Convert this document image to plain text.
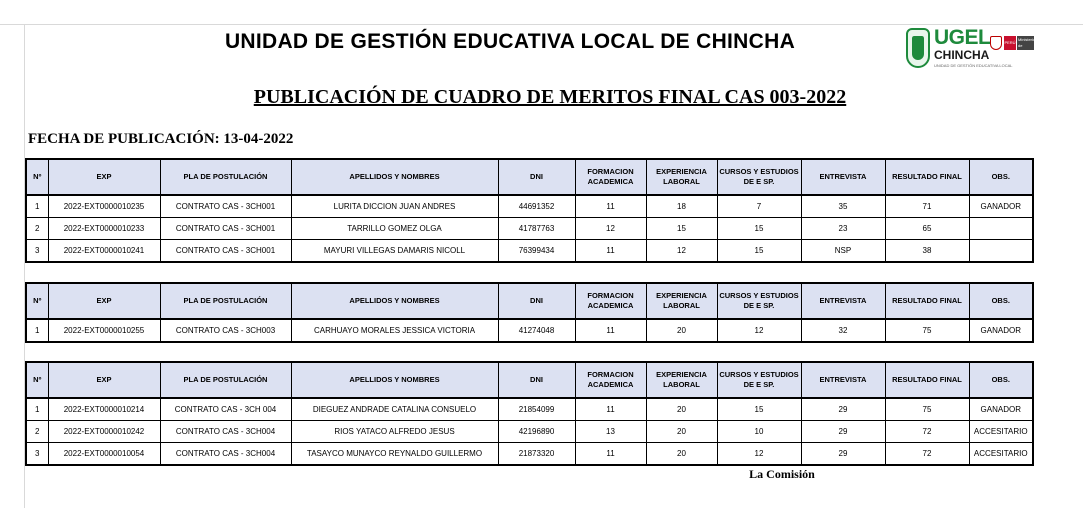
UNIDAD DE GESTIÓN EDUCATIVA LOCAL DE CHINCHA	UGEL
CHINCHA
UNIDAD DE GESTIÓN EDUCATIVA LOCAL
PERÚ
Ministerio de Educación
PUBLICACIÓN DE CUADRO DE MERITOS FINAL CAS 003-2022
FECHA DE PUBLICACIÓN: 13-04-2022
Nº	EXP	PLA DE POSTULACIÓN	APELLIDOS Y NOMBRES	DNI	FORMACION ACADEMICA	EXPERIENCIA LABORAL	CURSOS Y ESTUDIOS DE E SP.	ENTREVISTA	RESULTADO FINAL	OBS.
1	2022-EXT0000010235	CONTRATO CAS - 3CH001	LURITA DICCION JUAN ANDRES	44691352	11	18	7	35	71	GANADOR
2	2022-EXT0000010233	CONTRATO CAS - 3CH001	TARRILLO GOMEZ OLGA	41787763	12	15	15	23	65	
3	2022-EXT0000010241	CONTRATO CAS - 3CH001	MAYURI VILLEGAS DAMARIS NICOLL	76399434	11	12	15	NSP	38	
Nº	EXP	PLA DE POSTULACIÓN	APELLIDOS Y NOMBRES	DNI	FORMACION ACADEMICA	EXPERIENCIA LABORAL	CURSOS Y ESTUDIOS DE E SP.	ENTREVISTA	RESULTADO FINAL	OBS.
1	2022-EXT0000010255	CONTRATO CAS - 3CH003	CARHUAYO MORALES JESSICA VICTORIA	41274048	11	20	12	32	75	GANADOR
Nº	EXP	PLA DE POSTULACIÓN	APELLIDOS Y NOMBRES	DNI	FORMACION ACADEMICA	EXPERIENCIA LABORAL	CURSOS Y ESTUDIOS DE E SP.	ENTREVISTA	RESULTADO FINAL	OBS.
1	2022-EXT0000010214	CONTRATO CAS - 3CH 004	DIEGUEZ ANDRADE CATALINA CONSUELO	21854099	11	20	15	29	75	GANADOR
2	2022-EXT0000010242	CONTRATO CAS - 3CH004	RIOS YATACO ALFREDO JESUS	42196890	13	20	10	29	72	ACCESITARIO
3	2022-EXT0000010054	CONTRATO CAS - 3CH004	TASAYCO MUNAYCO REYNALDO GUILLERMO	21873320	11	20	12	29	72	ACCESITARIO
La Comisión
